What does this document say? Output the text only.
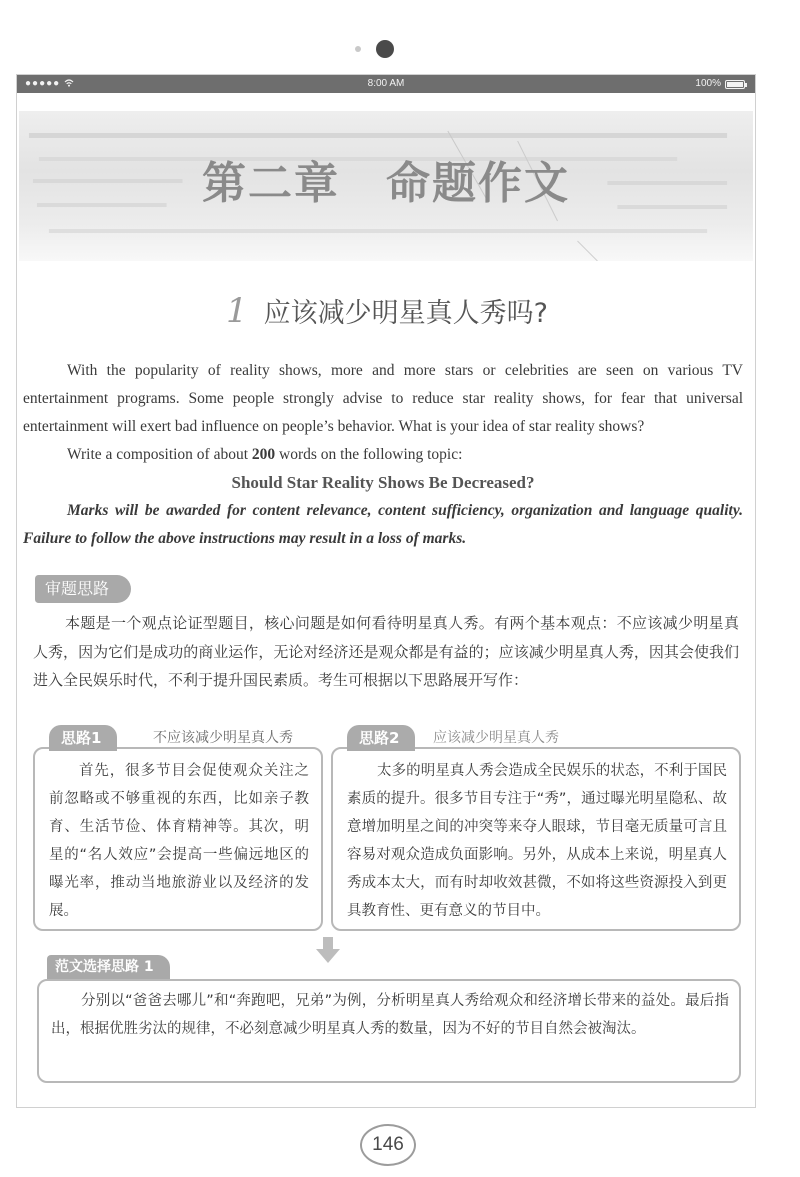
●●●●●	8:00 AM	100%
第二章　命题作文
1 应该减少明星真人秀吗?

With the popularity of reality shows, more and more stars or celebrities are seen on various TV entertainment programs. Some people strongly advise to reduce star reality shows, for fear that universal entertainment will exert bad influence on people’s behavior. What is your idea of star reality shows?

Write a composition of about 200 words on the following topic:

Should Star Reality Shows Be Decreased?

Marks will be awarded for content relevance, content sufficiency, organization and language quality. Failure to follow the above instructions may result in a loss of marks.

审题思路

本题是一个观点论证型题目，核心问题是如何看待明星真人秀。有两个基本观点：不应该减少明星真人秀，因为它们是成功的商业运作，无论对经济还是观众都是有益的；应该减少明星真人秀，因其会使我们进入全民娱乐时代，不利于提升国民素质。考生可根据以下思路展开写作：

思路1	不应该减少明星真人秀
首先，很多节目会促使观众关注之前忽略或不够重视的东西，比如亲子教育、生活节俭、体育精神等。其次，明星的“名人效应”会提高一些偏远地区的曝光率，推动当地旅游业以及经济的发展。
思路2	应该减少明星真人秀
太多的明星真人秀会造成全民娱乐的状态，不利于国民素质的提升。很多节目专注于“秀”，通过曝光明星隐私、故意增加明星之间的冲突等来夺人眼球，节目毫无质量可言且容易对观众造成负面影响。另外，从成本上来说，明星真人秀成本太大，而有时却收效甚微，不如将这些资源投入到更具教育性、更有意义的节目中。
范文选择思路 1
分别以“爸爸去哪儿”和“奔跑吧，兄弟”为例，分析明星真人秀给观众和经济增长带来的益处。最后指出，根据优胜劣汰的规律，不必刻意减少明星真人秀的数量，因为不好的节目自然会被淘汰。
146
